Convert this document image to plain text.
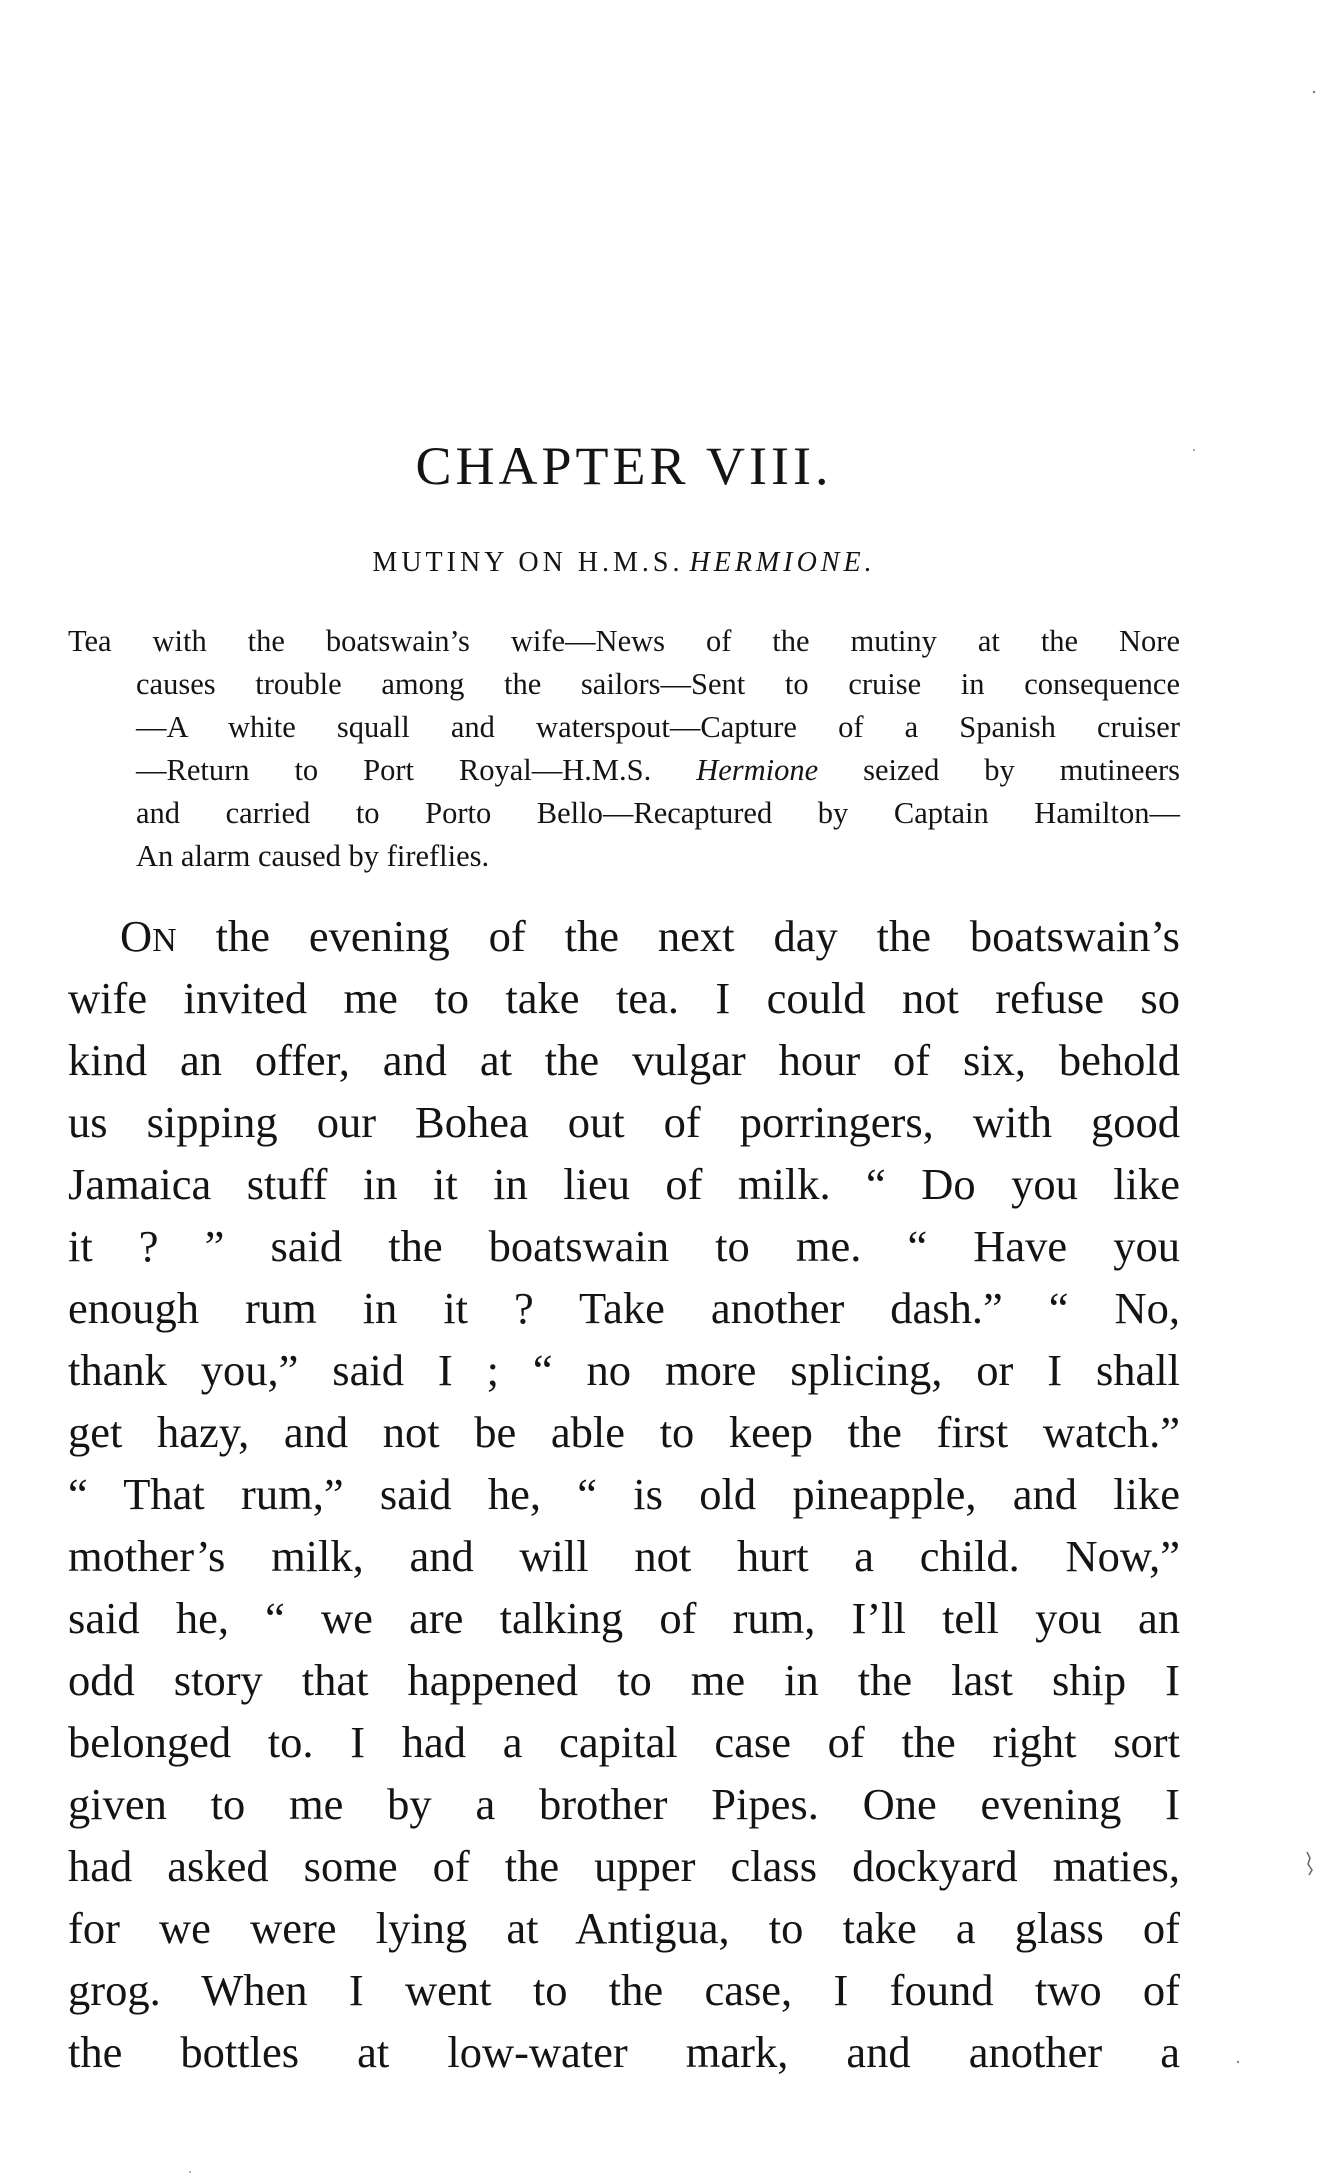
CHAPTER VIII.
MUTINY ON H.M.S. HERMIONE.
Tea with the boatswain’s wife—News of the mutiny at the Nore
causes trouble among the sailors—Sent to cruise in consequence
—A white squall and waterspout—Capture of a Spanish cruiser
—Return to Port Royal—H.M.S. Hermione seized by mutineers
and carried to Porto Bello—Recaptured by Captain Hamilton—
An alarm caused by fireflies.
ON the evening of the next day the boatswain’s
wife invited me to take tea. I could not refuse so
kind an offer, and at the vulgar hour of six, behold
us sipping our Bohea out of porringers, with good
Jamaica stuff in it in lieu of milk. “ Do you like
it ? ” said the boatswain to me. “ Have you
enough rum in it ? Take another dash.” “ No,
thank you,” said I ; “ no more splicing, or I shall
get hazy, and not be able to keep the first watch.”
“ That rum,” said he, “ is old pineapple, and like
mother’s milk, and will not hurt a child. Now,”
said he, “ we are talking of rum, I’ll tell you an
odd story that happened to me in the last ship I
belonged to. I had a capital case of the right sort
given to me by a brother Pipes. One evening I
had asked some of the upper class dockyard maties,
for we were lying at Antigua, to take a glass of
grog. When I went to the case, I found two of
the bottles at low-water mark, and another a
